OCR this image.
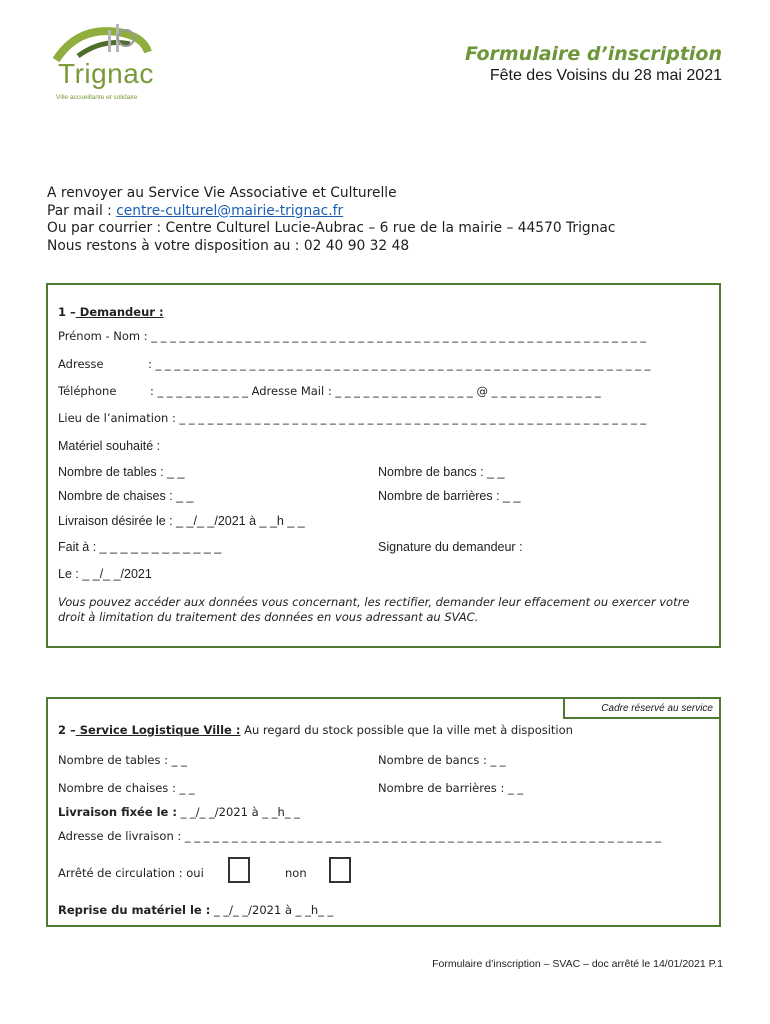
Trignac
Ville accueillante et solidaire
Formulaire d’inscription
Fête des Voisins du 28 mai 2021
A renvoyer au Service Vie Associative et Culturelle
Par mail : centre-culturel@mairie-trignac.fr
Ou par courrier : Centre Culturel Lucie-Aubrac – 6 rue de la mairie – 44570 Trignac
Nous restons à votre disposition au : 02 40 90 32 48
1 – Demandeur :
Prénom - Nom : _ _ _ _ _ _ _ _ _ _ _ _ _ _ _ _ _ _ _ _ _ _ _ _ _ _ _ _ _ _ _ _ _ _ _ _ _ _ _ _ _ _ _ _ _ _ _ _ _ _ _ _ _
Adresse	: _ _ _ _ _ _ _ _ _ _ _ _ _ _ _ _ _ _ _ _ _ _ _ _ _ _ _ _ _ _ _ _ _ _ _ _ _ _ _ _ _ _ _ _ _ _ _ _ _ _ _ _ _
Téléphone	: _ _ _ _ _ _ _ _ _ _ Adresse Mail : _ _ _ _ _ _ _ _ _ _ _ _ _ _ _ @ _ _ _ _ _ _ _ _ _ _ _ _
Lieu de l’animation : _ _ _ _ _ _ _ _ _ _ _ _ _ _ _ _ _ _ _ _ _ _ _ _ _ _ _ _ _ _ _ _ _ _ _ _ _ _ _ _ _ _ _ _ _ _ _ _ _ _
Matériel souhaité :
Nombre de tables : _ _	Nombre de bancs : _ _
Nombre de chaises : _ _	Nombre de barrières : _ _
Livraison désirée le : _ _/_ _/2021 à _ _h _ _
Fait à : _ _ _ _ _ _ _ _ _ _ _ _	Signature du demandeur :
Le : _ _/_ _/2021
Vous pouvez accéder aux données vous concernant, les rectifier, demander leur effacement ou exercer votre droit à limitation du traitement des données en vous adressant au SVAC.
Cadre réservé au service
2 – Service Logistique Ville : Au regard du stock possible que la ville met à disposition
Nombre de tables : _ _	Nombre de bancs : _ _
Nombre de chaises : _ _	Nombre de barrières : _ _
Livraison fixée le : _ _/_ _/2021 à _ _h_ _
Adresse de livraison : _ _ _ _ _ _ _ _ _ _ _ _ _ _ _ _ _ _ _ _ _ _ _ _ _ _ _ _ _ _ _ _ _ _ _ _ _ _ _ _ _ _ _ _ _ _ _ _ _ _ _
Arrêté de circulation : oui	non
Reprise du matériel le : _ _/_ _/2021 à _ _h_ _
Formulaire d’inscription – SVAC – doc arrêté le 14/01/2021 P.1
